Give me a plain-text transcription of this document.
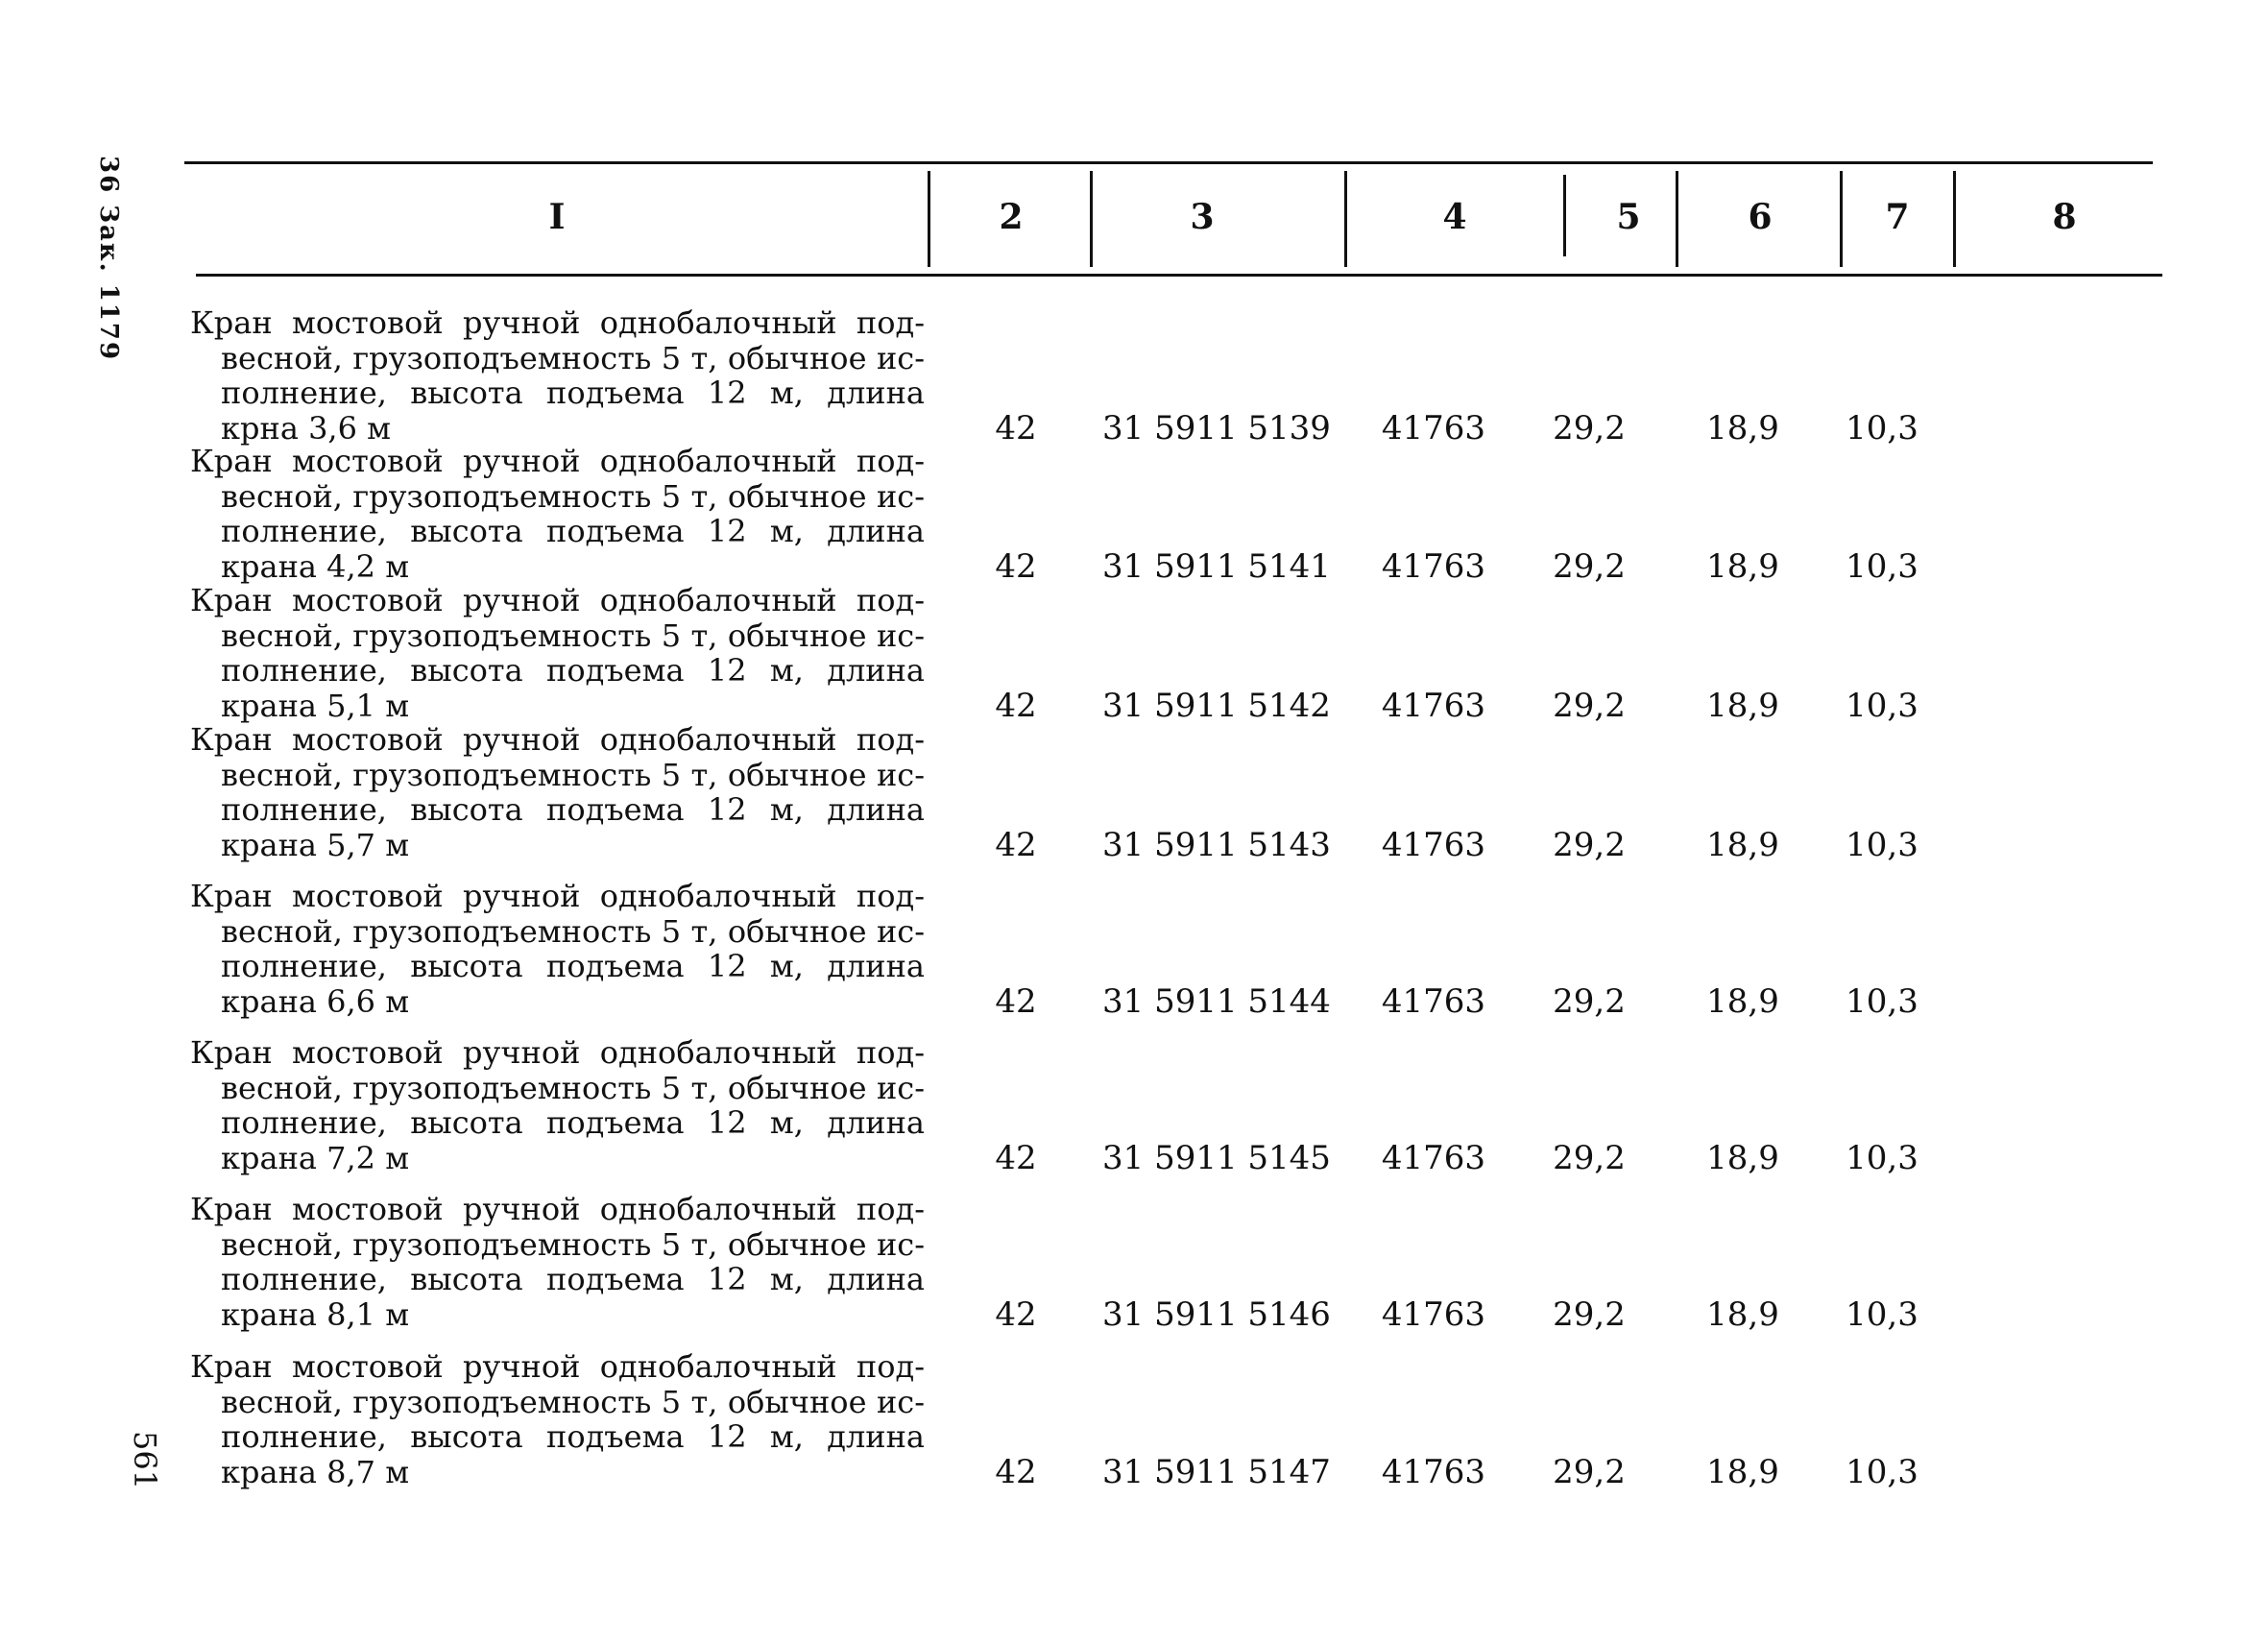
36 Зак. 1179
561
I	2	3	4	5	6	7	8
Кран мостовой ручной однобалочный под-
весной, грузоподъемность 5 т, обычное ис-
полнение, высота подъема 12 м, длина
крна 3,6 м	42	31 5911 5139	41763	29,2	18,9	10,3
Кран мостовой ручной однобалочный под-
весной, грузоподъемность 5 т, обычное ис-
полнение, высота подъема 12 м, длина
крана 4,2 м	42	31 5911 5141	41763	29,2	18,9	10,3
Кран мостовой ручной однобалочный под-
весной, грузоподъемность 5 т, обычное ис-
полнение, высота подъема 12 м, длина
крана 5,1 м	42	31 5911 5142	41763	29,2	18,9	10,3
Кран мостовой ручной однобалочный под-
весной, грузоподъемность 5 т, обычное ис-
полнение, высота подъема 12 м, длина
крана 5,7 м	42	31 5911 5143	41763	29,2	18,9	10,3
Кран мостовой ручной однобалочный под-
весной, грузоподъемность 5 т, обычное ис-
полнение, высота подъема 12 м, длина
крана 6,6 м	42	31 5911 5144	41763	29,2	18,9	10,3
Кран мостовой ручной однобалочный под-
весной, грузоподъемность 5 т, обычное ис-
полнение, высота подъема 12 м, длина
крана 7,2 м	42	31 5911 5145	41763	29,2	18,9	10,3
Кран мостовой ручной однобалочный под-
весной, грузоподъемность 5 т, обычное ис-
полнение, высота подъема 12 м, длина
крана 8,1 м	42	31 5911 5146	41763	29,2	18,9	10,3
Кран мостовой ручной однобалочный под-
весной, грузоподъемность 5 т, обычное ис-
полнение, высота подъема 12 м, длина
крана 8,7 м	42	31 5911 5147	41763	29,2	18,9	10,3
